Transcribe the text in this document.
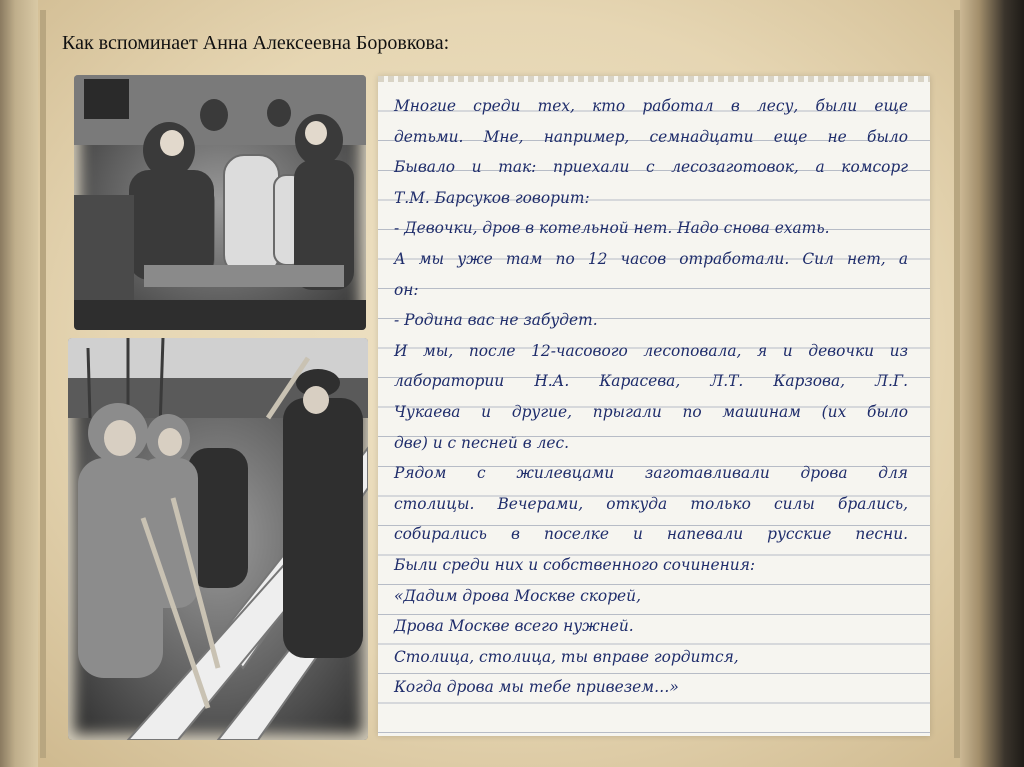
Как вспоминает Анна Алексеевна Боровкова:
Многие среди тех, кто работал в лесу, были еще
детьми. Мне, например, семнадцати еще не было
Бывало и так: приехали с лесозаготовок, а комсорг
Т.М. Барсуков говорит:
- Девочки, дров в котельной нет. Надо снова ехать.
А мы уже там по 12 часов отработали. Сил нет, а
он:
- Родина вас не забудет.
И мы, после 12-часового лесоповала, я и девочки из
лаборатории Н.А. Карасева, Л.Т. Карзова, Л.Г.
Чукаева и другие, прыгали по машинам (их было
две) и с песней в лес.
Рядом с жилевцами заготавливали дрова для
столицы. Вечерами, откуда только силы брались,
собирались в поселке и напевали русские песни.
Были среди них и собственного сочинения:
«Дадим дрова Москве скорей,
Дрова Москве всего нужней.
Столица, столица, ты вправе гордится,
Когда дрова мы тебе привезем…»
